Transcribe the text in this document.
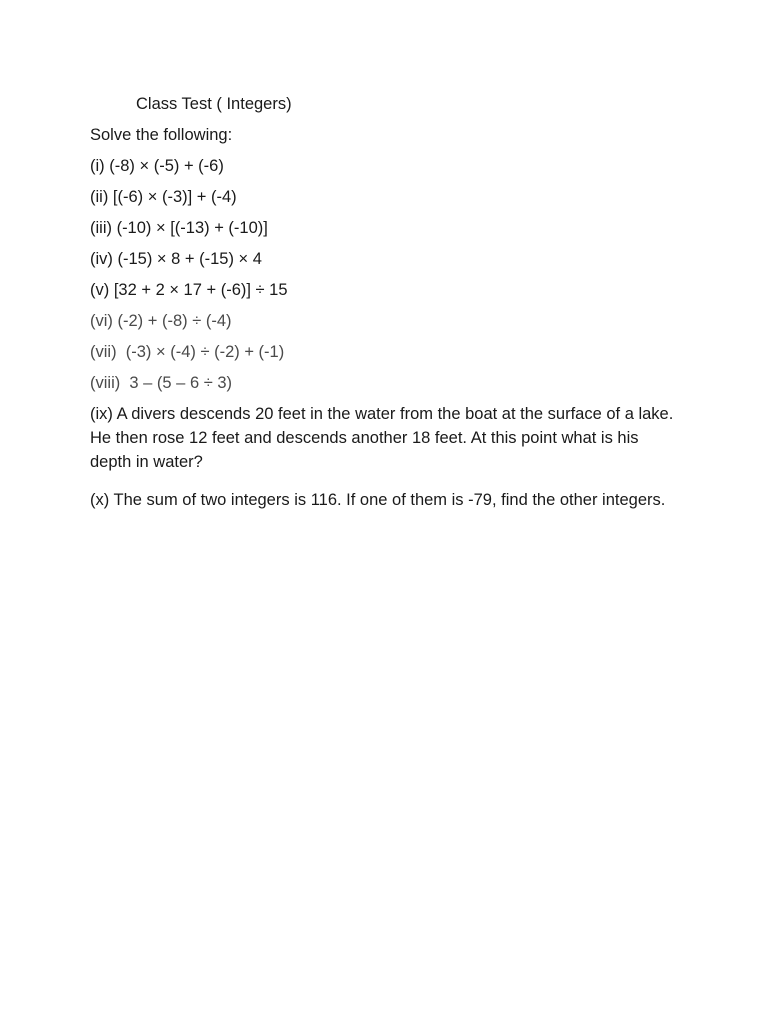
Class Test ( Integers)
Solve the following:
(i) (-8) × (-5) + (-6)
(ii) [(-6) × (-3)] + (-4)
(iii) (-10) × [(-13) + (-10)]
(iv) (-15) × 8 + (-15) × 4
(v) [32 + 2 × 17 + (-6)] ÷ 15
(vi) (-2) + (-8) ÷ (-4)
(vii)  (-3) × (-4) ÷ (-2) + (-1)
(viii)  3 – (5 – 6 ÷ 3)
(ix) A divers descends 20 feet in the water from the boat at the surface of a lake. He then rose 12 feet and descends another 18 feet. At this point what is his depth in water?
(x) The sum of two integers is 116. If one of them is -79, find the other integers.
